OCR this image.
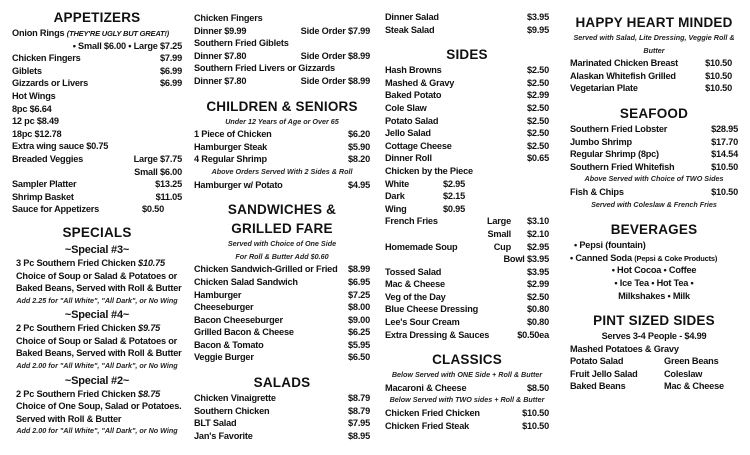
APPETIZERS
Onion Rings (THEY'RE UGLY BUT GREAT!)
• Small $6.00 • Large $7.25
Chicken Fingers	$7.99
Giblets	$6.99
Gizzards or Livers	$6.99
Hot Wings
8pc $6.64
12 pc $8.49
18pc $12.78
Extra wing sauce $0.75
Breaded Veggies	Large $7.75
Small $6.00
Sampler Platter	$13.25
Shrimp Basket	$11.05
Sauce for Appetizers	$0.50
SPECIALS
~Special #3~
3 Pc Southern Fried Chicken $10.75
Choice of Soup or Salad & Potatoes or
Baked Beans, Served with Roll & Butter
Add 2.25 for "All White", "All Dark", or No Wing
~Special #4~
2 Pc Southern Fried Chicken $9.75
Choice of Soup or Salad & Potatoes or
Baked Beans, Served with Roll & Butter
Add 2.00 for "All White", "All Dark", or No Wing
~Special #2~
2 Pc Southern Fried Chicken $8.75
Choice of One Soup, Salad or Potatoes.
Served with Roll & Butter
Add 2.00 for "All White", "All Dark", or No Wing
Chicken Fingers
Dinner $9.99	Side Order $7.99
Southern Fried Giblets
Dinner $7.80	Side Order $8.99
Southern Fried Livers or Gizzards
Dinner $7.80	Side Order $8.99
CHILDREN & SENIORS
Under 12 Years of Age or Over 65
1 Piece of Chicken	$6.20
Hamburger Steak	$5.90
4 Regular Shrimp	$8.20
Above Orders Served With 2 Sides & Roll
Hamburger w/ Potato	$4.95
SANDWICHES &
GRILLED FARE
Served with Choice of One Side
For Roll & Butter Add $0.60
Chicken Sandwich-Grilled or Fried $8.99
Chicken Salad Sandwich	$6.95
Hamburger	$7.25
Cheeseburger	$8.00
Bacon Cheeseburger	$9.00
Grilled Bacon & Cheese	$6.25
Bacon & Tomato	$5.95
Veggie Burger	$6.50
SALADS
Chicken Vinaigrette	$8.79
Southern Chicken	$8.79
BLT Salad	$7.95
Jan's Favorite	$8.95
Dinner Salad	$3.95
Steak Salad	$9.95
SIDES
Hash Browns	$2.50
Mashed & Gravy	$2.50
Baked Potato	$2.99
Cole Slaw	$2.50
Potato Salad	$2.50
Jello Salad	$2.50
Cottage Cheese	$2.50
Dinner Roll	$0.65
Chicken by the Piece
White	$2.95
Dark	$2.15
Wing	$0.95
French Fries	Large $3.10
Small $2.10
Homemade Soup	Cup $2.95
Bowl $3.95
Tossed Salad	$3.95
Mac & Cheese	$2.99
Veg of the Day	$2.50
Blue Cheese Dressing	$0.80
Lee's Sour Cream	$0.80
Extra Dressing & Sauces	$0.50ea
CLASSICS
Below Served with ONE Side + Roll & Butter
Macaroni & Cheese	$8.50
Below Served with TWO sides + Roll & Butter
Chicken Fried Chicken	$10.50
Chicken Fried Steak	$10.50
HAPPY HEART MINDED
Served with Salad, Lite Dressing, Veggie Roll &
Butter
Marinated Chicken Breast	$10.50
Alaskan Whitefish Grilled	$10.50
Vegetarian Plate	$10.50
SEAFOOD
Southern Fried Lobster	$28.95
Jumbo Shrimp	$17.70
Regular Shrimp (8pc)	$14.54
Southern Fried Whitefish	$10.50
Above Served with Choice of TWO Sides
Fish & Chips	$10.50
Served with Coleslaw & French Fries
BEVERAGES
• Pepsi (fountain)
• Canned Soda (Pepsi & Coke Products)
• Hot Cocoa • Coffee
• Ice Tea • Hot Tea •
Milkshakes • Milk
PINT SIZED SIDES
Serves 3-4 People - $4.99
Mashed Potatoes & Gravy
Potato Salad	Green Beans
Fruit Jello Salad	Coleslaw
Baked Beans	Mac & Cheese
